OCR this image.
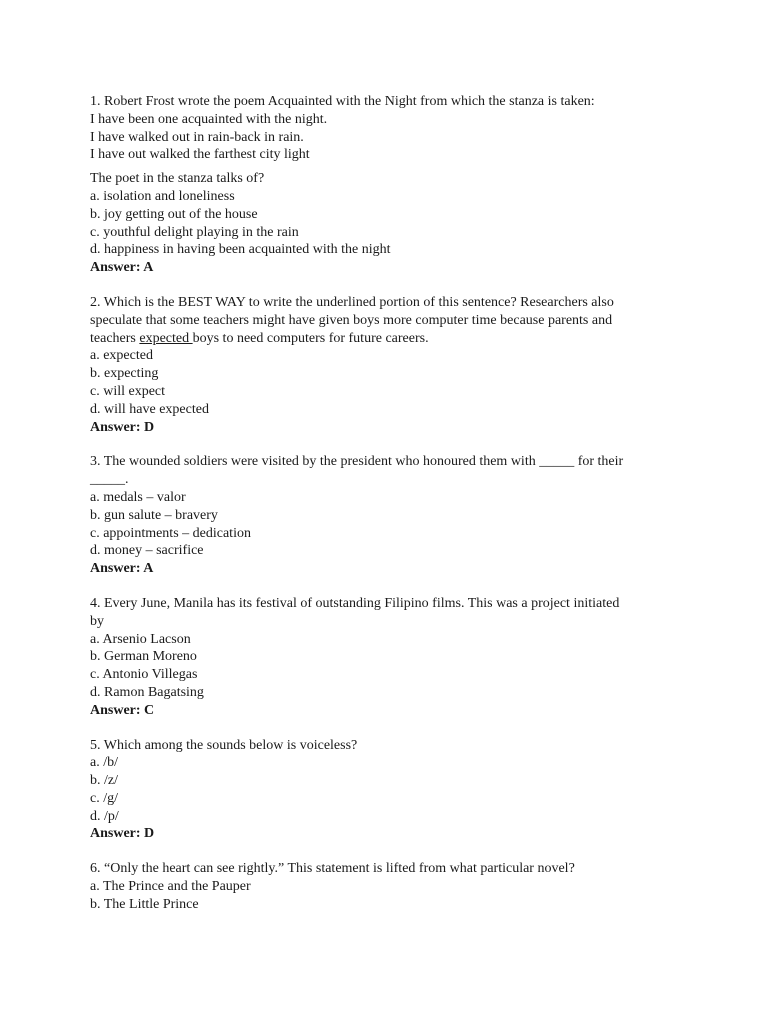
1. Robert Frost wrote the poem Acquainted with the Night from which the stanza is taken:
I have been one acquainted with the night.
I have walked out in rain-back in rain.
I have out walked the farthest city light
The poet in the stanza talks of?
a. isolation and loneliness
b. joy getting out of the house
c. youthful delight playing in the rain
d. happiness in having been acquainted with the night
Answer: A
2. Which is the BEST WAY to write the underlined portion of this sentence? Researchers also
speculate that some teachers might have given boys more computer time because parents and
teachers expected boys to need computers for future careers.
a. expected
b. expecting
c. will expect
d. will have expected
Answer: D
3. The wounded soldiers were visited by the president who honoured them with _____ for their
_____.
a. medals – valor
b. gun salute – bravery
c. appointments – dedication
d. money – sacrifice
Answer: A
4. Every June, Manila has its festival of outstanding Filipino films. This was a project initiated
by
a. Arsenio Lacson
b. German Moreno
c. Antonio Villegas
d. Ramon Bagatsing
Answer: C
5. Which among the sounds below is voiceless?
a. /b/
b. /z/
c. /g/
d. /p/
Answer: D
6. “Only the heart can see rightly.” This statement is lifted from what particular novel?
a. The Prince and the Pauper
b. The Little Prince
